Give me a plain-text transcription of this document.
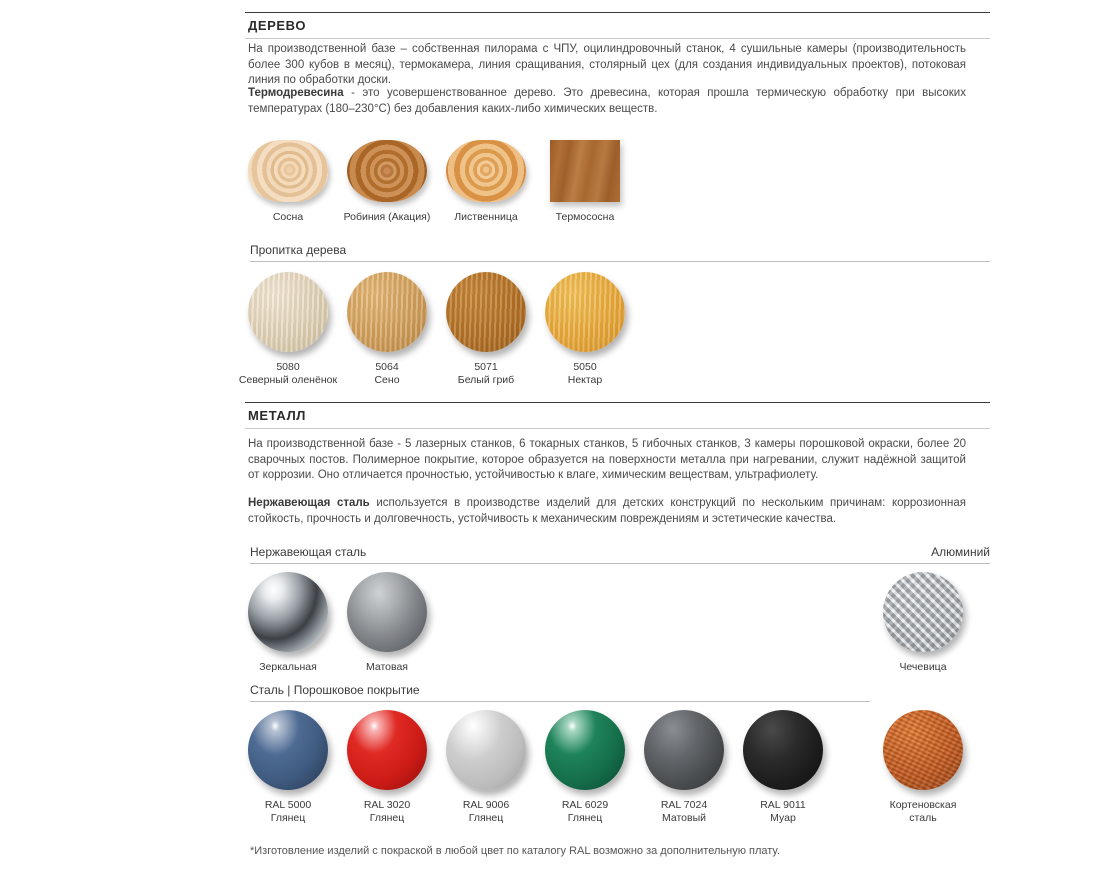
ДЕРЕВО
На производственной базе – собственная пилорама с ЧПУ, оцилиндровочный станок, 4 сушильные камеры (производительность более 300 кубов в месяц), термокамера, линия сращивания, столярный цех (для создания индивидуальных проектов), потоковая линия по обработки доски.
Термодревесина - это усовершенствованное дерево. Это древесина, которая прошла термическую обработку при высоких температурах (180–230°C) без добавления каких-либо химических веществ.
Сосна	Робиния (Акация)	Лиственница	Термососна
Пропитка дерева
5080
Северный оленёнок
5064
Сено
5071
Белый гриб
5050
Нектар
МЕТАЛЛ
На производственной базе - 5 лазерных станков, 6 токарных станков, 5 гибочных станков, 3 камеры порошковой окраски, более 20 сварочных постов. Полимерное покрытие, которое образуется на поверхности металла при нагревании, служит надёжной защитой от коррозии. Оно отличается прочностью, устойчивостью к влаге, химическим веществам, ультрафиолету.
Нержавеющая сталь используется в производстве изделий для детских конструкций по нескольким причинам: коррозионная стойкость, прочность и долговечность, устойчивость к механическим повреждениям и эстетические качества.
Нержавеющая сталь	Алюминий
Зеркальная	Матовая	Чечевица
Сталь | Порошковое покрытие
RAL 5000
Глянец
RAL 3020
Глянец
RAL 9006
Глянец
RAL 6029
Глянец
RAL 7024
Матовый
RAL 9011
Муар
Кортеновская
сталь
*Изготовление изделий с покраской в любой цвет по каталогу RAL возможно за дополнительную плату.
